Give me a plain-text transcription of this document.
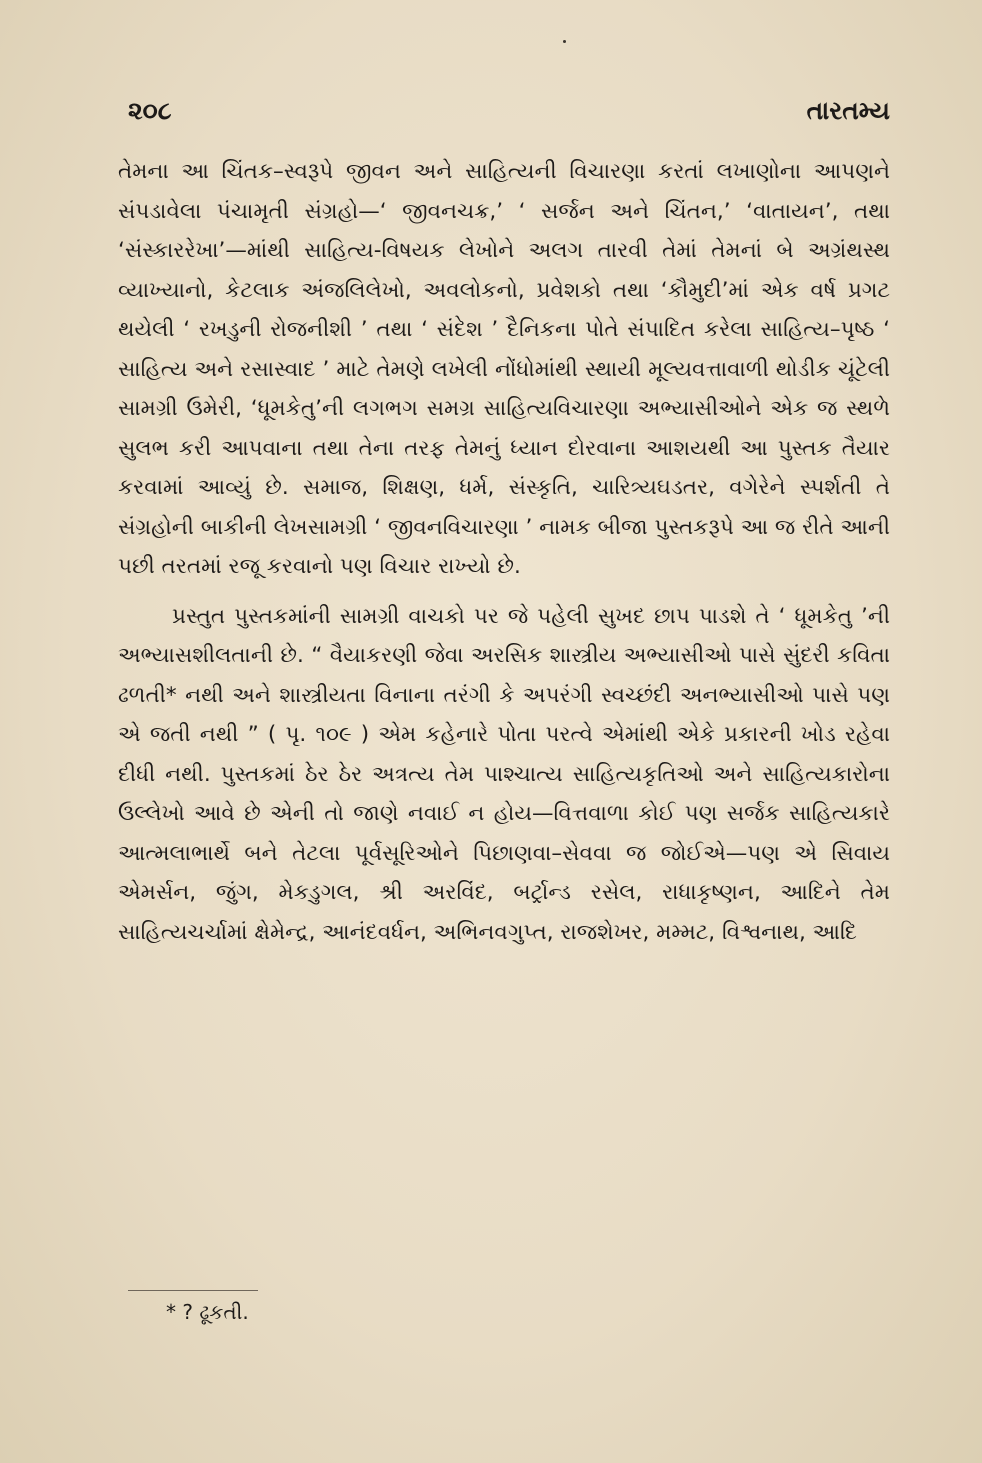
૨૦૮	તારતમ્ય

તેમના આ ચિંતક–સ્વરૂપે જીવન અને સાહિત્યની વિચારણા કરતાં લખાણોના આપણને સંપડાવેલા પંચામૃતી સંગ્રહો—‘ જીવનચક્ર,’ ‘ સર્જન અને ચિંતન,’ ‘વાતાયન’, તથા ‘સંસ્કારરેખા’—માંથી સાહિત્ય-વિષયક લેખોને અલગ તારવી તેમાં તેમનાં બે અગ્રંથસ્થ વ્યાખ્યાનો, કેટલાક અંજલિલેખો, અવલોકનો, પ્રવેશકો તથા ‘કૌમુદી’માં એક વર્ષ પ્રગટ થયેલી ‘ રખડુની રોજનીશી ’ તથા ‘ સંદેશ ’ દૈનિકના પોતે સંપાદિત કરેલા સાહિત્ય–પૃષ્ઠ ‘ સાહિત્ય અને રસાસ્વાદ ’ માટે તેમણે લખેલી નોંધોમાંથી સ્થાયી મૂલ્યવત્તાવાળી થોડીક ચૂંટેલી સામગ્રી ઉમેરી, ‘ધૂમકેતુ’ની લગભગ સમગ્ર સાહિત્યવિચારણા અભ્યાસીઓને એક જ સ્થળે સુલભ કરી આપવાના તથા તેના તરફ તેમનું ધ્યાન દોરવાના આશયથી આ પુસ્તક તૈયાર કરવામાં આવ્યું છે. સમાજ, શિક્ષણ, ધર્મ, સંસ્કૃતિ, ચારિત્ર્યઘડતર, વગેરેને સ્પર્શતી તે સંગ્રહોની બાકીની લેખસામગ્રી ‘ જીવનવિચારણા ’ નામક બીજા પુસ્તકરૂપે આ જ રીતે આની પછી તરતમાં રજૂ કરવાનો પણ વિચાર રાખ્યો છે.

પ્રસ્તુત પુસ્તકમાંની સામગ્રી વાચકો પર જે પહેલી સુખદ છાપ પાડશે તે ‘ ધૂમકેતુ ’ની અભ્યાસશીલતાની છે. “ વૈયાકરણી જેવા અરસિક શાસ્ત્રીય અભ્યાસીઓ પાસે સુંદરી કવિતા ઢળતી* નથી અને શાસ્ત્રીયતા વિનાના તરંગી કે અપરંગી સ્વચ્છંદી અનભ્યાસીઓ પાસે પણ એ જતી નથી ” ( પૃ. ૧૦૯ ) એમ કહેનારે પોતા પરત્વે એમાંથી એકે પ્રકારની ખોડ રહેવા દીધી નથી. પુસ્તકમાં ઠેર ઠેર અત્રત્ય તેમ પાશ્ચાત્ય સાહિત્યકૃતિઓ અને સાહિત્યકારોના ઉલ્લેખો આવે છે એની તો જાણે નવાઈ ન હોય—વિત્તવાળા કોઈ પણ સર્જક સાહિત્યકારે આત્મલાભાર્થે બને તેટલા પૂર્વસૂરિઓને પિછાણવા–સેવવા જ જોઈએ—પણ એ સિવાય એમર્સન, જુંગ, મેકડુગલ, શ્રી અરવિંદ, બર્ટ્રાન્ડ રસેલ, રાધાકૃષ્ણન, આદિને તેમ સાહિત્યચર્ચામાં ક્ષેમેન્દ્ર, આનંદવર્ધન, અભિનવગુપ્ત, રાજશેખર, મમ્મટ, વિશ્વનાથ, આદિ

* ? ઢૂકતી.
